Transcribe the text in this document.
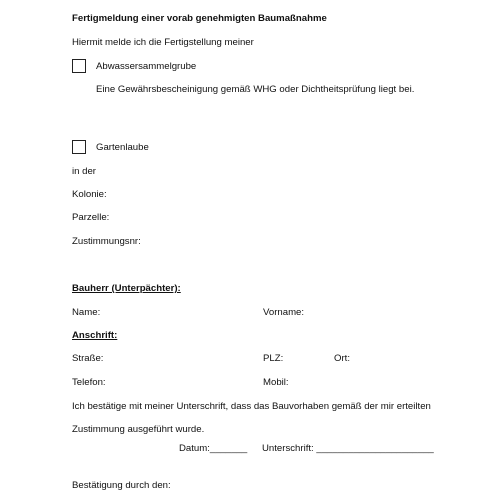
Fertigmeldung einer vorab genehmigten Baumaßnahme
Hiermit melde ich die Fertigstellung meiner
Abwassersammelgrube
Eine Gewährsbescheinigung gemäß WHG oder Dichtheitsprüfung liegt bei.
Gartenlaube
in der
Kolonie:
Parzelle:
Zustimmungsnr:
Bauherr (Unterpächter):
Name:	Vorname:
Anschrift:
Straße:	PLZ:	Ort:
Telefon:	Mobil:
Ich bestätige mit meiner Unterschrift, dass das Bauvorhaben gemäß der mir erteilten
Zustimmung ausgeführt wurde.
Datum:_______ Unterschrift: ______________________
Bestätigung durch den:
